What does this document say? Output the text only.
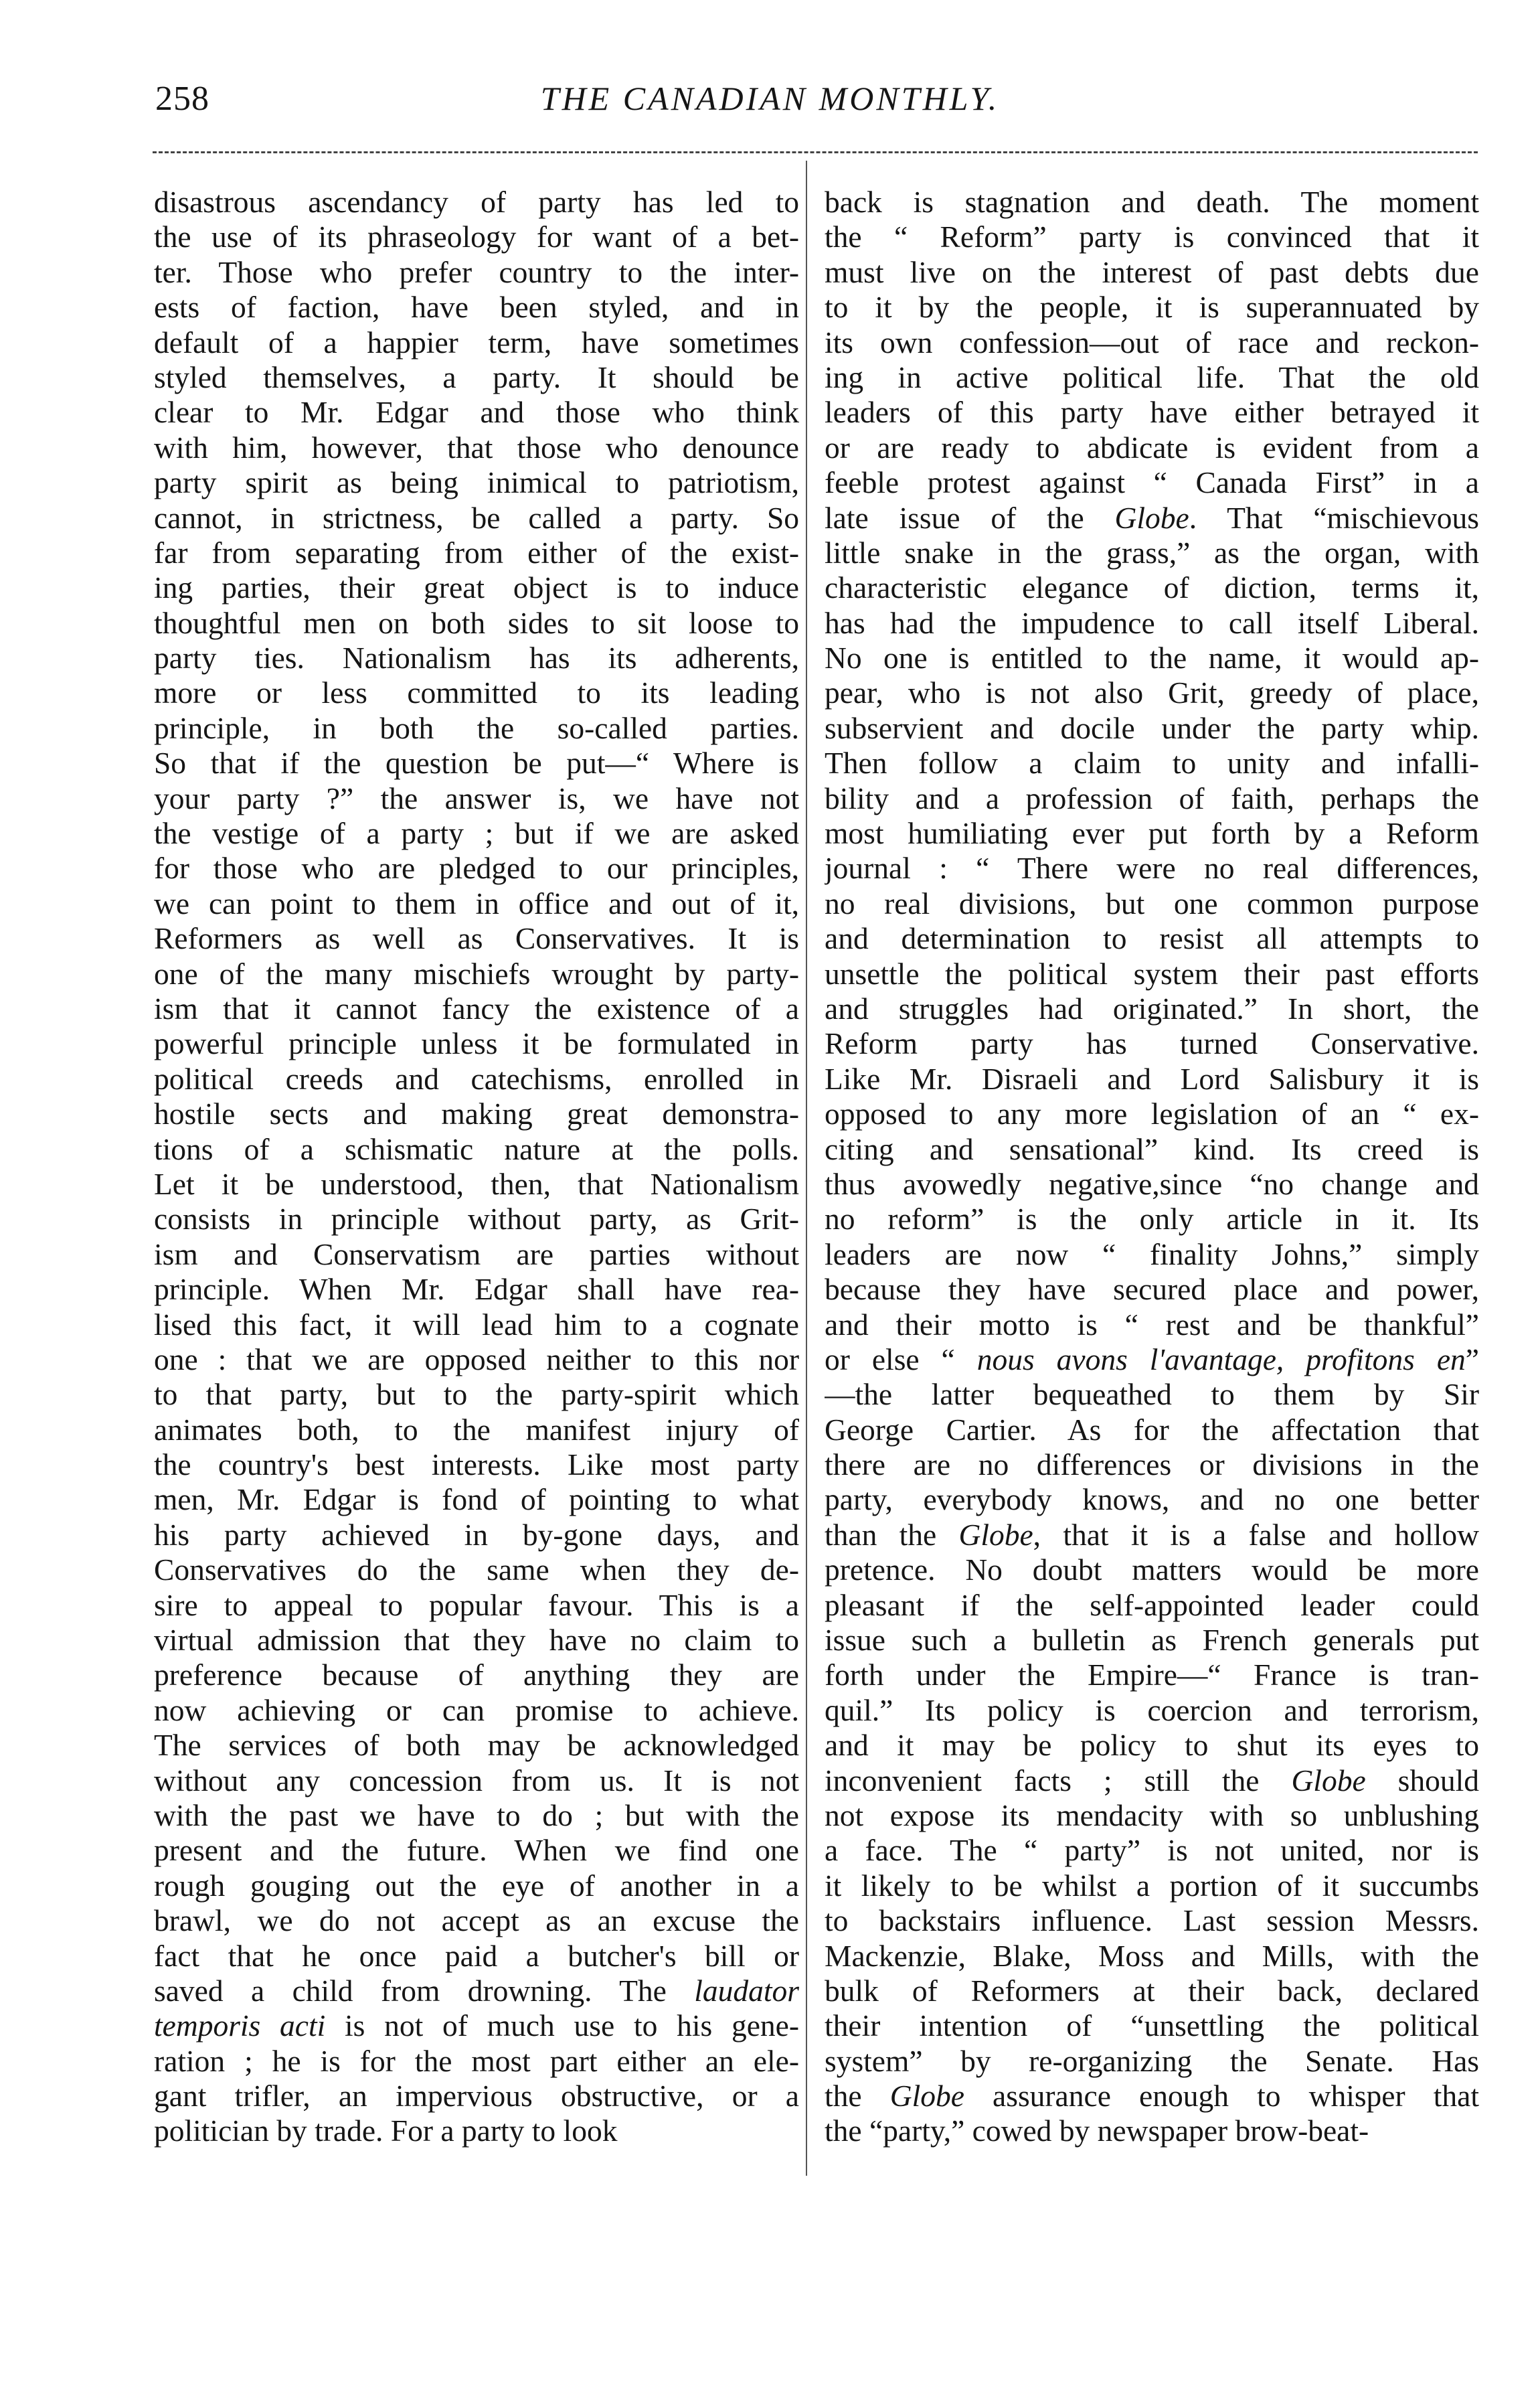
258	THE CANADIAN MONTHLY.
disastrous ascendancy of party has led to
the use of its phraseology for want of a bet-
ter. Those who prefer country to the inter-
ests of faction, have been styled, and in
default of a happier term, have sometimes
styled themselves, a party. It should be
clear to Mr. Edgar and those who think
with him, however, that those who denounce
party spirit as being inimical to patriotism,
cannot, in strictness, be called a party. So
far from separating from either of the exist-
ing parties, their great object is to induce
thoughtful men on both sides to sit loose to
party ties. Nationalism has its adherents,
more or less committed to its leading
principle, in both the so-called parties.
So that if the question be put—“ Where is
your party ?” the answer is, we have not
the vestige of a party ; but if we are asked
for those who are pledged to our principles,
we can point to them in office and out of it,
Reformers as well as Conservatives. It is
one of the many mischiefs wrought by party-
ism that it cannot fancy the existence of a
powerful principle unless it be formulated in
political creeds and catechisms, enrolled in
hostile sects and making great demonstra-
tions of a schismatic nature at the polls.
Let it be understood, then, that Nationalism
consists in principle without party, as Grit-
ism and Conservatism are parties without
principle. When Mr. Edgar shall have rea-
lised this fact, it will lead him to a cognate
one : that we are opposed neither to this nor
to that party, but to the party-spirit which
animates both, to the manifest injury of
the country's best interests. Like most party
men, Mr. Edgar is fond of pointing to what
his party achieved in by-gone days, and
Conservatives do the same when they de-
sire to appeal to popular favour. This is a
virtual admission that they have no claim to
preference because of anything they are
now achieving or can promise to achieve.
The services of both may be acknowledged
without any concession from us. It is not
with the past we have to do ; but with the
present and the future. When we find one
rough gouging out the eye of another in a
brawl, we do not accept as an excuse the
fact that he once paid a butcher's bill or
saved a child from drowning. The laudator
temporis acti is not of much use to his gene-
ration ; he is for the most part either an ele-
gant trifler, an impervious obstructive, or a
politician by trade. For a party to look
back is stagnation and death. The moment
the “ Reform” party is convinced that it
must live on the interest of past debts due
to it by the people, it is superannuated by
its own confession—out of race and reckon-
ing in active political life. That the old
leaders of this party have either betrayed it
or are ready to abdicate is evident from a
feeble protest against “ Canada First” in a
late issue of the Globe. That “mischievous
little snake in the grass,” as the organ, with
characteristic elegance of diction, terms it,
has had the impudence to call itself Liberal.
No one is entitled to the name, it would ap-
pear, who is not also Grit, greedy of place,
subservient and docile under the party whip.
Then follow a claim to unity and infalli-
bility and a profession of faith, perhaps the
most humiliating ever put forth by a Reform
journal : “ There were no real differences,
no real divisions, but one common purpose
and determination to resist all attempts to
unsettle the political system their past efforts
and struggles had originated.” In short, the
Reform party has turned Conservative.
Like Mr. Disraeli and Lord Salisbury it is
opposed to any more legislation of an “ ex-
citing and sensational” kind. Its creed is
thus avowedly negative,since “no change and
no reform” is the only article in it. Its
leaders are now “ finality Johns,” simply
because they have secured place and power,
and their motto is “ rest and be thankful”
or else “ nous avons l'avantage, profitons en”
—the latter bequeathed to them by Sir
George Cartier. As for the affectation that
there are no differences or divisions in the
party, everybody knows, and no one better
than the Globe, that it is a false and hollow
pretence. No doubt matters would be more
pleasant if the self-appointed leader could
issue such a bulletin as French generals put
forth under the Empire—“ France is tran-
quil.” Its policy is coercion and terrorism,
and it may be policy to shut its eyes to
inconvenient facts ; still the Globe should
not expose its mendacity with so unblushing
a face. The “ party” is not united, nor is
it likely to be whilst a portion of it succumbs
to backstairs influence. Last session Messrs.
Mackenzie, Blake, Moss and Mills, with the
bulk of Reformers at their back, declared
their intention of “unsettling the political
system” by re-organizing the Senate. Has
the Globe assurance enough to whisper that
the “party,” cowed by newspaper brow-beat-
